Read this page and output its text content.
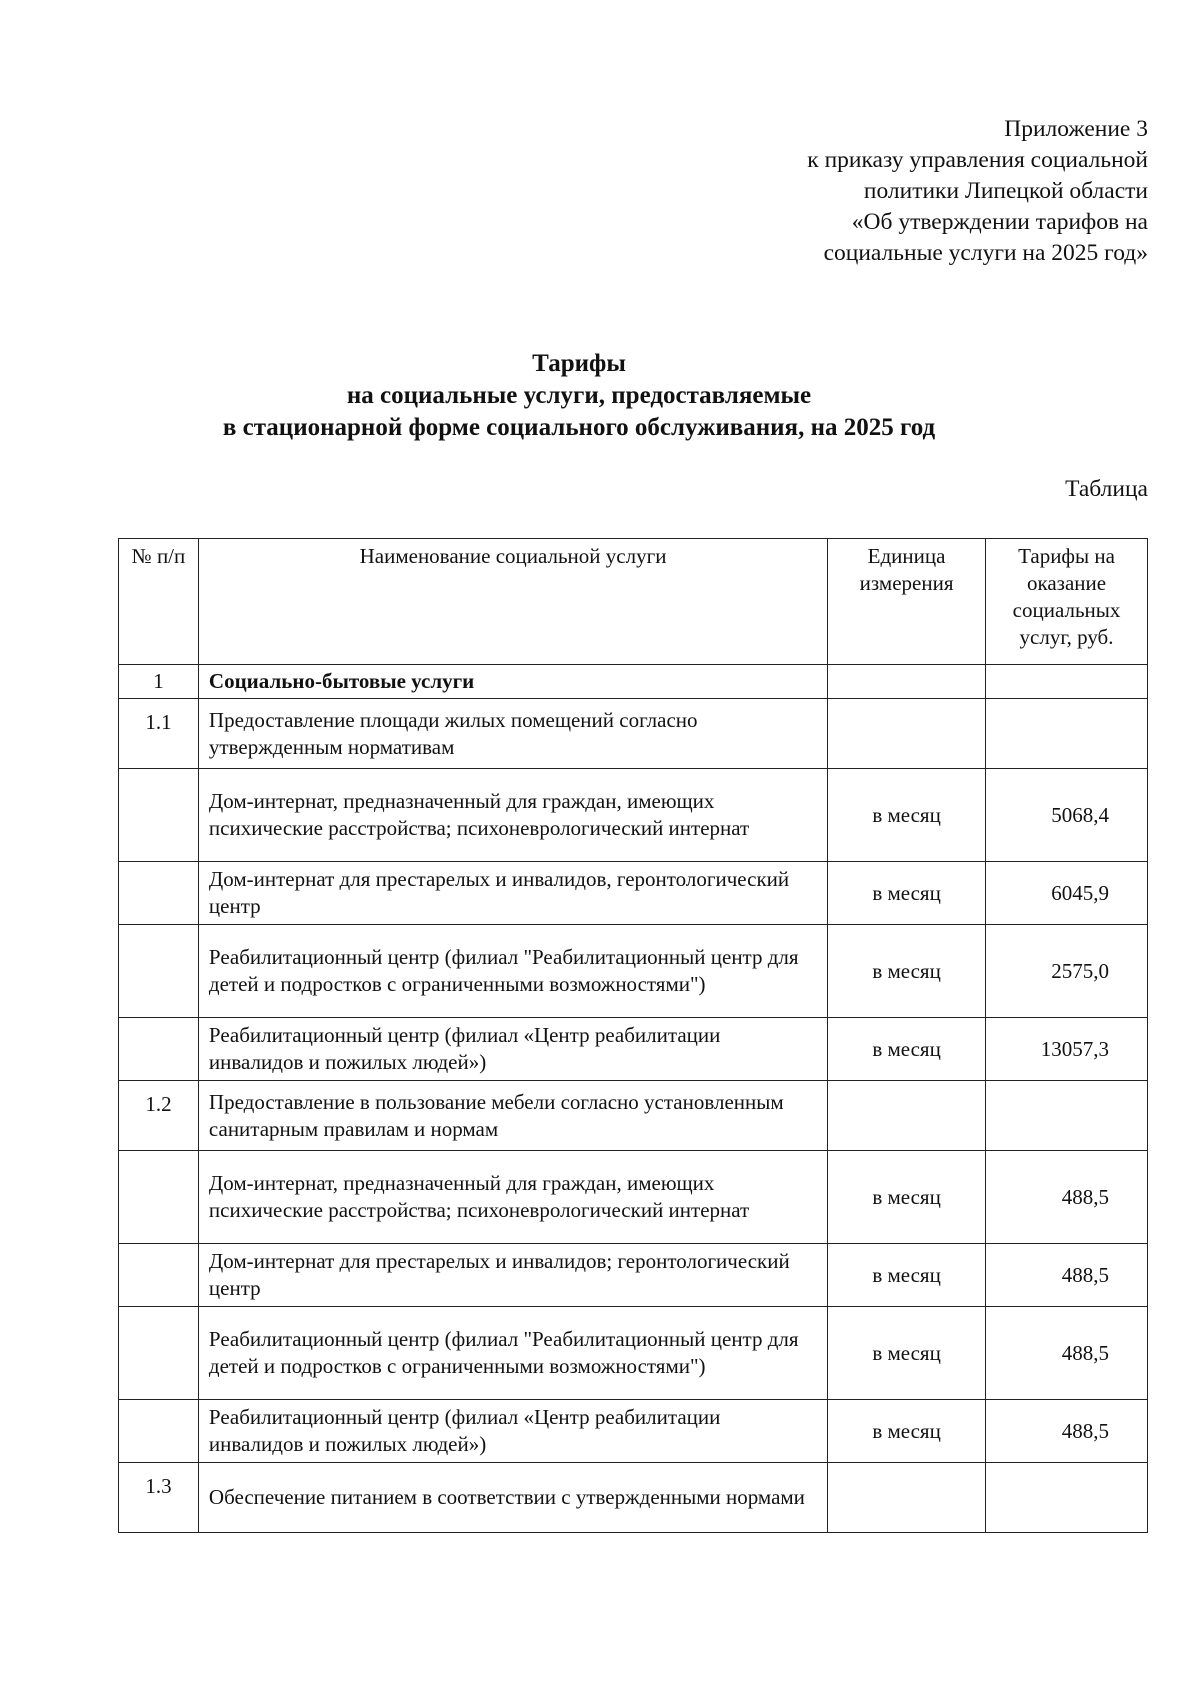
Приложение 3
к приказу управления социальной
политики Липецкой области
«Об утверждении тарифов на
социальные услуги на 2025 год»
Тарифы
на социальные услуги, предоставляемые
в стационарной форме социального обслуживания, на 2025 год
Таблица
№ п/п	Наименование социальной услуги	Единица измерения	Тарифы на оказание социальных услуг, руб.
1	Социально-бытовые услуги		
1.1	Предоставление площади жилых помещений согласно утвержденным нормативам		
	Дом-интернат, предназначенный для граждан, имеющих психические расстройства; психоневрологический интернат	в месяц	5068,4
	Дом-интернат для престарелых и инвалидов, геронтологический центр	в месяц	6045,9
	Реабилитационный центр (филиал "Реабилитационный центр для детей и подростков с ограниченными возможностями")	в месяц	2575,0
	Реабилитационный центр (филиал «Центр реабилитации инвалидов и пожилых людей»)	в месяц	13057,3
1.2	Предоставление в пользование мебели согласно установленным санитарным правилам и нормам		
	Дом-интернат, предназначенный для граждан, имеющих психические расстройства; психоневрологический интернат	в месяц	488,5
	Дом-интернат для престарелых и инвалидов; геронтологический центр	в месяц	488,5
	Реабилитационный центр (филиал "Реабилитационный центр для детей и подростков с ограниченными возможностями")	в месяц	488,5
	Реабилитационный центр (филиал «Центр реабилитации инвалидов и пожилых людей»)	в месяц	488,5
1.3	Обеспечение питанием в соответствии с утвержденными нормами		
